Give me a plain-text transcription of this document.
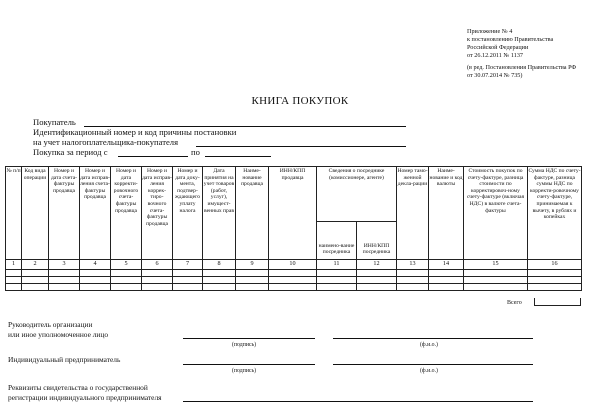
Приложение № 4
к постановлению Правительства
Российской Федерации
от 26.12.2011 № 1137
(в ред. Постановления Правительства РФ
от 30.07.2014 № 735)
КНИГА ПОКУПОК
Покупатель
Идентификационный номер и код причины постановки
на учет налогоплательщика-покупателя
Покупка за период с	по
№ п/п	Код вида операции	Номер и дата счета-фактуры продавца	Номер и дата исправ-ления счета-фактуры продавца	Номер и дата корректи-ровочного счета-фактуры продавца	Номер и дата исправ-ления коррек-тиро-вочного счета-фактуры продавца	Номер и дата доку-мента, подтвер-ждающего уплату налога	Дата принятия на учет товаров (работ, услуг), имущест-венных прав	Наиме-нование продавца	ИНН/КПП продавца	Сведения о посреднике (комиссионере, агенте)		Номер тамо-женной декла-рации	Наиме-нование и код валюты	Стоимость покупок по счету-фактуре, разница стоимости по корректировоч-ному счету-фактуре (включая НДС) в валюте счета-фактуры	Сумма НДС по счету-фактуре, разница суммы НДС по корректи-ровочному счету-фактуре, принимаемая к вычету, в рублях и копейках
										наимено-вание посредника	ИНН/КПП посредника				
1	2	3	4	5	6	7	8	9	10	11	12	13	14	15	16

Всего
Руководитель организации
или иное уполномоченное лицо
(подпись)	(ф.и.о.)
Индивидуальный предприниматель
(подпись)	(ф.и.о.)
Реквизиты свидетельства о государственной
регистрации индивидуального предпринимателя
